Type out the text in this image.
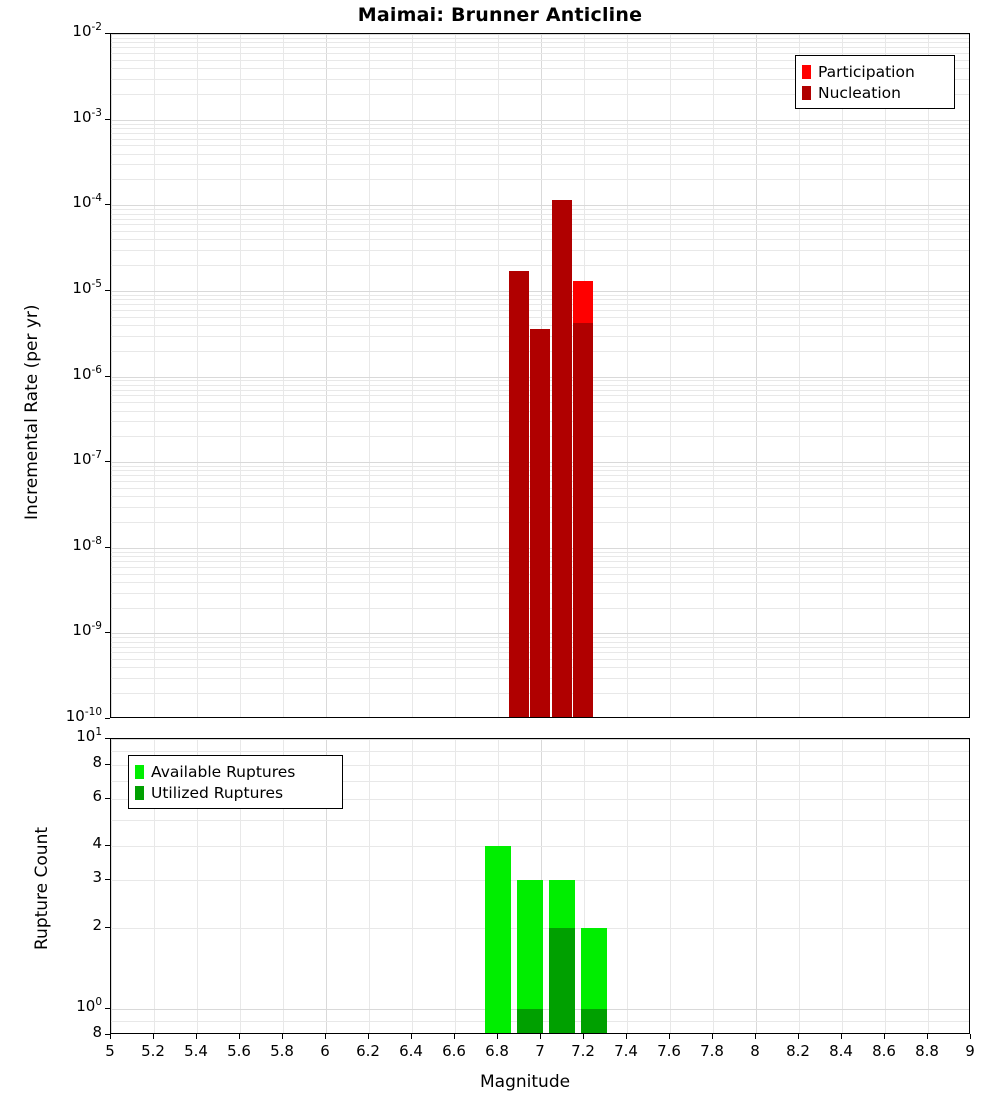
Maimai: Brunner Anticline
$10^{-2}$
$10^{-3}$
$10^{-4}$
$10^{-5}$
$10^{-6}$
$10^{-7}$
$10^{-8}$
$10^{-9}$
$10^{-10}$
Incremental Rate (per yr)
Participation
Nucleation
$10^1$
8
6
4
3
2
$10^0$
8
5	5.2	5.4	5.6	5.8	6	6.2	6.4	6.6	6.8	7	7.2	7.4	7.6	7.8	8	8.2	8.4	8.6	8.8	9
Rupture Count
Magnitude
Available Ruptures
Utilized Ruptures
